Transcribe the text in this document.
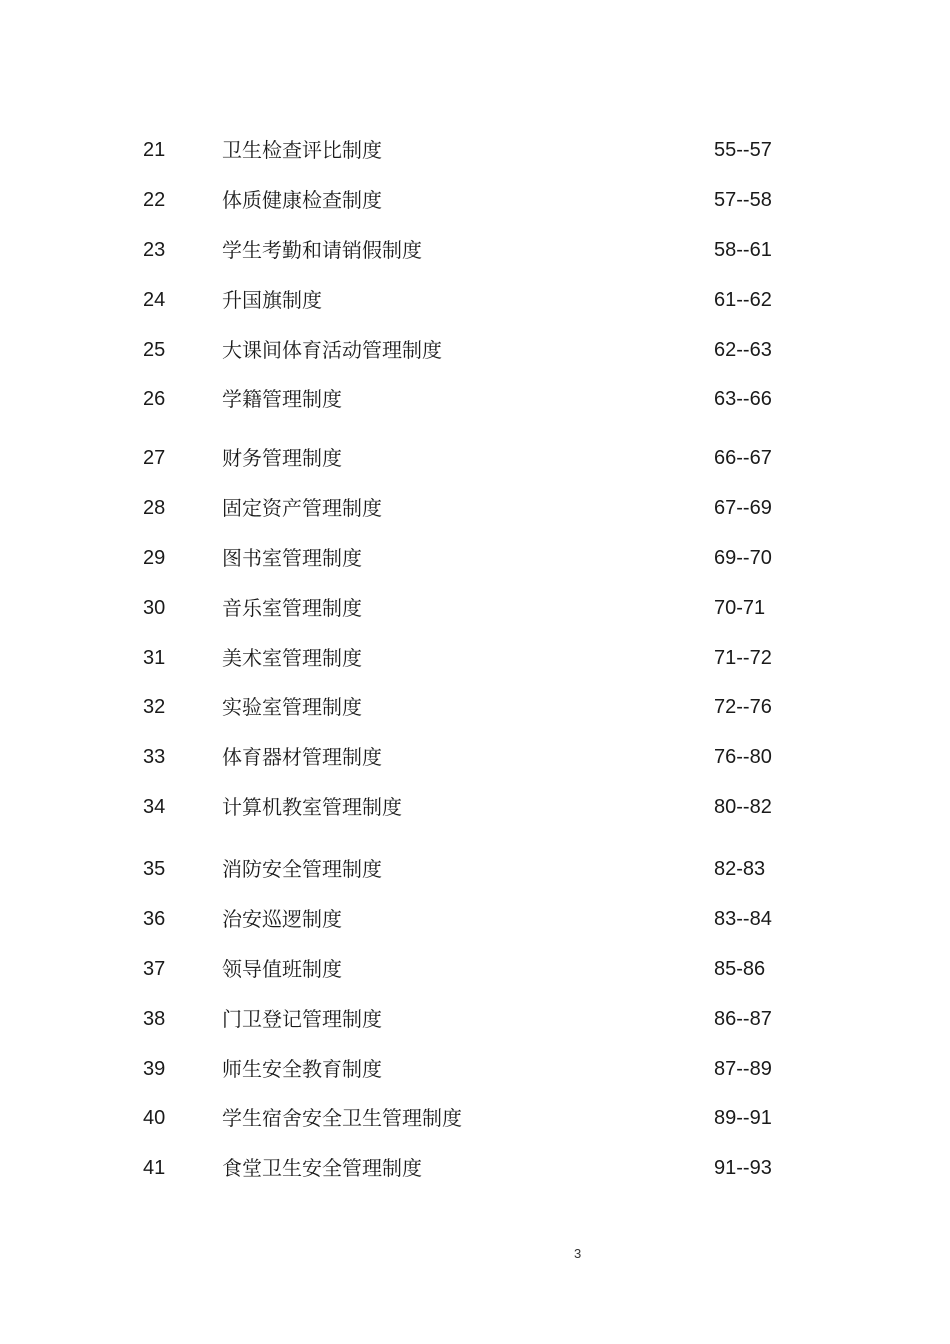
21	卫生检查评比制度	55--57
22	体质健康检查制度	57--58
23	学生考勤和请销假制度	58--61
24	升国旗制度	61--62
25	大课间体育活动管理制度	62--63
26	学籍管理制度	63--66
27	财务管理制度	66--67
28	固定资产管理制度	67--69
29	图书室管理制度	69--70
30	音乐室管理制度	70-71
31	美术室管理制度	71--72
32	实验室管理制度	72--76
33	体育器材管理制度	76--80
34	计算机教室管理制度	80--82
35	消防安全管理制度	82-83
36	治安巡逻制度	83--84
37	领导值班制度	85-86
38	门卫登记管理制度	86--87
39	师生安全教育制度	87--89
40	学生宿舍安全卫生管理制度	89--91
41	食堂卫生安全管理制度	91--93
3
